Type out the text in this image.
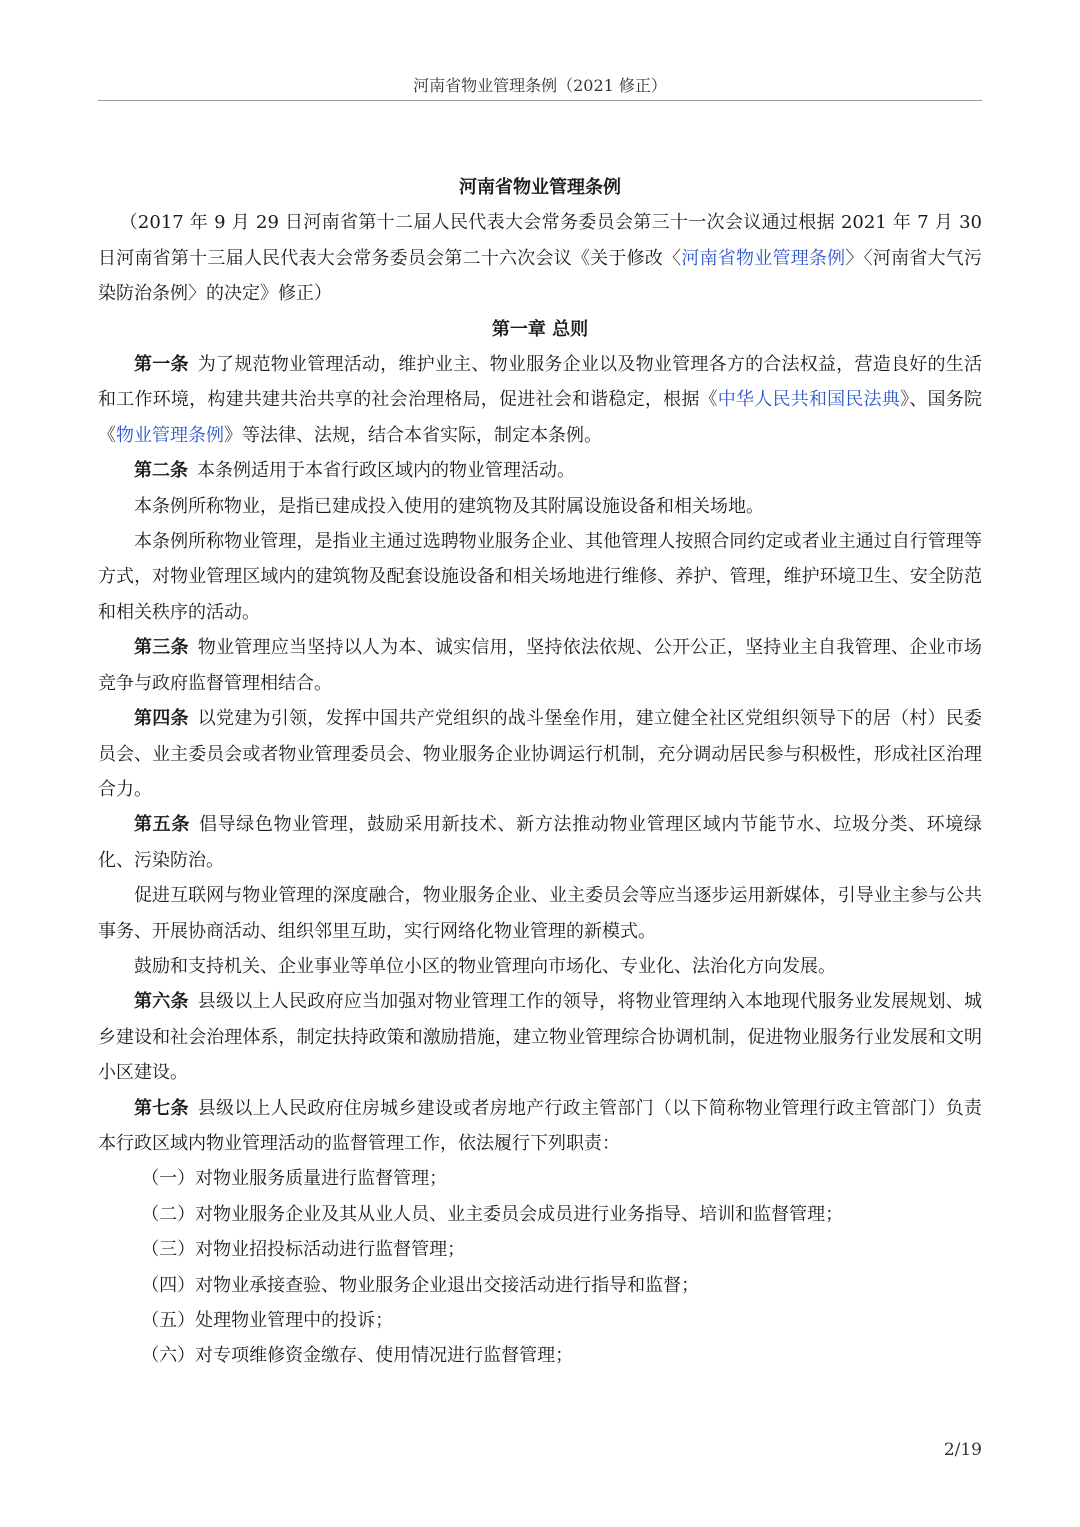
河南省物业管理条例（2021 修正）

河南省物业管理条例

（2017 年 9 月 29 日河南省第十二届人民代表大会常务委员会第三十一次会议通过根据 2021 年 7 月 30 日河南省第十三届人民代表大会常务委员会第二十六次会议《关于修改〈河南省物业管理条例〉〈河南省大气污染防治条例〉的决定》修正）

第一章 总则

第一条 为了规范物业管理活动，维护业主、物业服务企业以及物业管理各方的合法权益，营造良好的生活和工作环境，构建共建共治共享的社会治理格局，促进社会和谐稳定，根据《中华人民共和国民法典》、国务院《物业管理条例》等法律、法规，结合本省实际，制定本条例。

第二条 本条例适用于本省行政区域内的物业管理活动。

本条例所称物业，是指已建成投入使用的建筑物及其附属设施设备和相关场地。

本条例所称物业管理，是指业主通过选聘物业服务企业、其他管理人按照合同约定或者业主通过自行管理等方式，对物业管理区域内的建筑物及配套设施设备和相关场地进行维修、养护、管理，维护环境卫生、安全防范和相关秩序的活动。

第三条 物业管理应当坚持以人为本、诚实信用，坚持依法依规、公开公正，坚持业主自我管理、企业市场竞争与政府监督管理相结合。

第四条 以党建为引领，发挥中国共产党组织的战斗堡垒作用，建立健全社区党组织领导下的居（村）民委员会、业主委员会或者物业管理委员会、物业服务企业协调运行机制，充分调动居民参与积极性，形成社区治理合力。

第五条 倡导绿色物业管理，鼓励采用新技术、新方法推动物业管理区域内节能节水、垃圾分类、环境绿化、污染防治。

促进互联网与物业管理的深度融合，物业服务企业、业主委员会等应当逐步运用新媒体，引导业主参与公共事务、开展协商活动、组织邻里互助，实行网络化物业管理的新模式。

鼓励和支持机关、企业事业等单位小区的物业管理向市场化、专业化、法治化方向发展。

第六条 县级以上人民政府应当加强对物业管理工作的领导，将物业管理纳入本地现代服务业发展规划、城乡建设和社会治理体系，制定扶持政策和激励措施，建立物业管理综合协调机制，促进物业服务行业发展和文明小区建设。

第七条 县级以上人民政府住房城乡建设或者房地产行政主管部门（以下简称物业管理行政主管部门）负责本行政区域内物业管理活动的监督管理工作，依法履行下列职责：

（一）对物业服务质量进行监督管理；

（二）对物业服务企业及其从业人员、业主委员会成员进行业务指导、培训和监督管理；

（三）对物业招投标活动进行监督管理；

（四）对物业承接查验、物业服务企业退出交接活动进行指导和监督；

（五）处理物业管理中的投诉；

（六）对专项维修资金缴存、使用情况进行监督管理；

2/19
